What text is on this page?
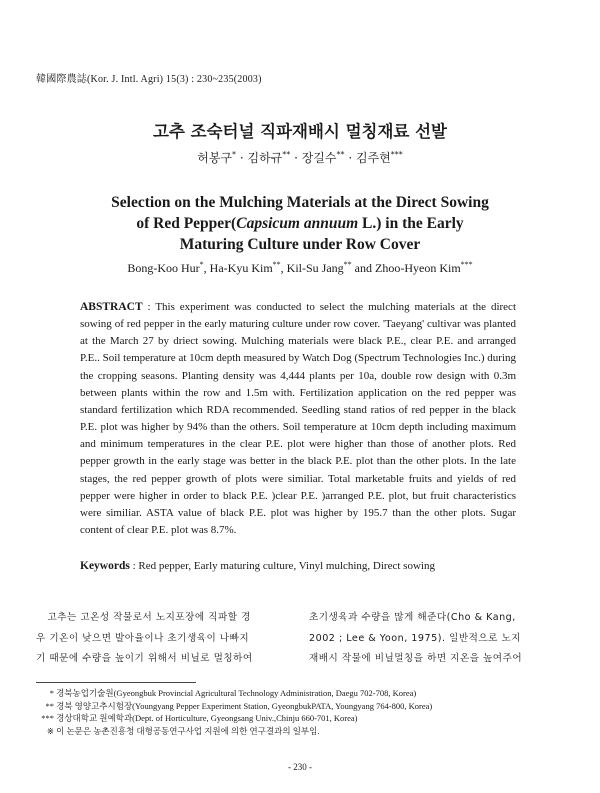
韓國際農誌(Kor. J. Intl. Agri) 15(3) : 230~235(2003)
고추 조숙터널 직파재배시 멀칭재료 선발
허봉구* · 김하규** · 장길수** · 김주현***
Selection on the Mulching Materials at the Direct Sowing
of Red Pepper(Capsicum annuum L.) in the Early
Maturing Culture under Row Cover
Bong-Koo Hur*, Ha-Kyu Kim**, Kil-Su Jang** and Zhoo-Hyeon Kim***
ABSTRACT : This experiment was conducted to select the mulching materials at the direct sowing of red pepper in the early maturing culture under row cover. 'Taeyang' cultivar was planted at the March 27 by driect sowing. Mulching materials were black P.E., clear P.E. and arranged P.E.. Soil temperature at 10cm depth measured by Watch Dog (Spectrum Technologies Inc.) during the cropping seasons. Planting density was 4,444 plants per 10a, double row design with 0.3m between plants within the row and 1.5m with. Fertilization application on the red pepper was standard fertilization which RDA recommended. Seedling stand ratios of red pepper in the black P.E. plot was higher by 94% than the others. Soil temperature at 10cm depth including maximum and minimum temperatures in the clear P.E. plot were higher than those of another plots. Red pepper growth in the early stage was better in the black P.E. plot than the other plots. In the late stages, the red pepper growth of plots were similiar. Total marketable fruits and yields of red pepper were higher in order to black P.E. )clear P.E. )arranged P.E. plot, but fruit characteristics were similiar. ASTA value of black P.E. plot was higher by 195.7 than the other plots. Sugar content of clear P.E. plot was 8.7%.
Keywords : Red pepper, Early maturing culture, Vinyl mulching, Direct sowing
고추는 고온성 작물로서 노지포장에 직파할 경
우 기온이 낮으면 발아율이나 초기생육이 나빠지
기 때문에 수량을 높이기 위해서 비닐로 멀칭하여
초기생육과 수량을 많게 해준다(Cho & Kang,
2002 ; Lee & Yoon, 1975). 일반적으로 노지
재배시 작물에 비닐멀칭을 하면 지온을 높여주어
* 경북농업기술원(Gyeongbuk Provincial Agricultural Technology Administration, Daegu 702-708, Korea)
** 경북 영양고추시험장(Youngyang Pepper Experiment Station, GyeongbukPATA, Youngyang 764-800, Korea)
*** 경상대학교 원예학과(Dept. of Horticulture, Gyeongsang Univ.,Chinju 660-701, Korea)
※ 이 논문은 농촌진흥청 대형공동연구사업 지원에 의한 연구결과의 일부임.
- 230 -
